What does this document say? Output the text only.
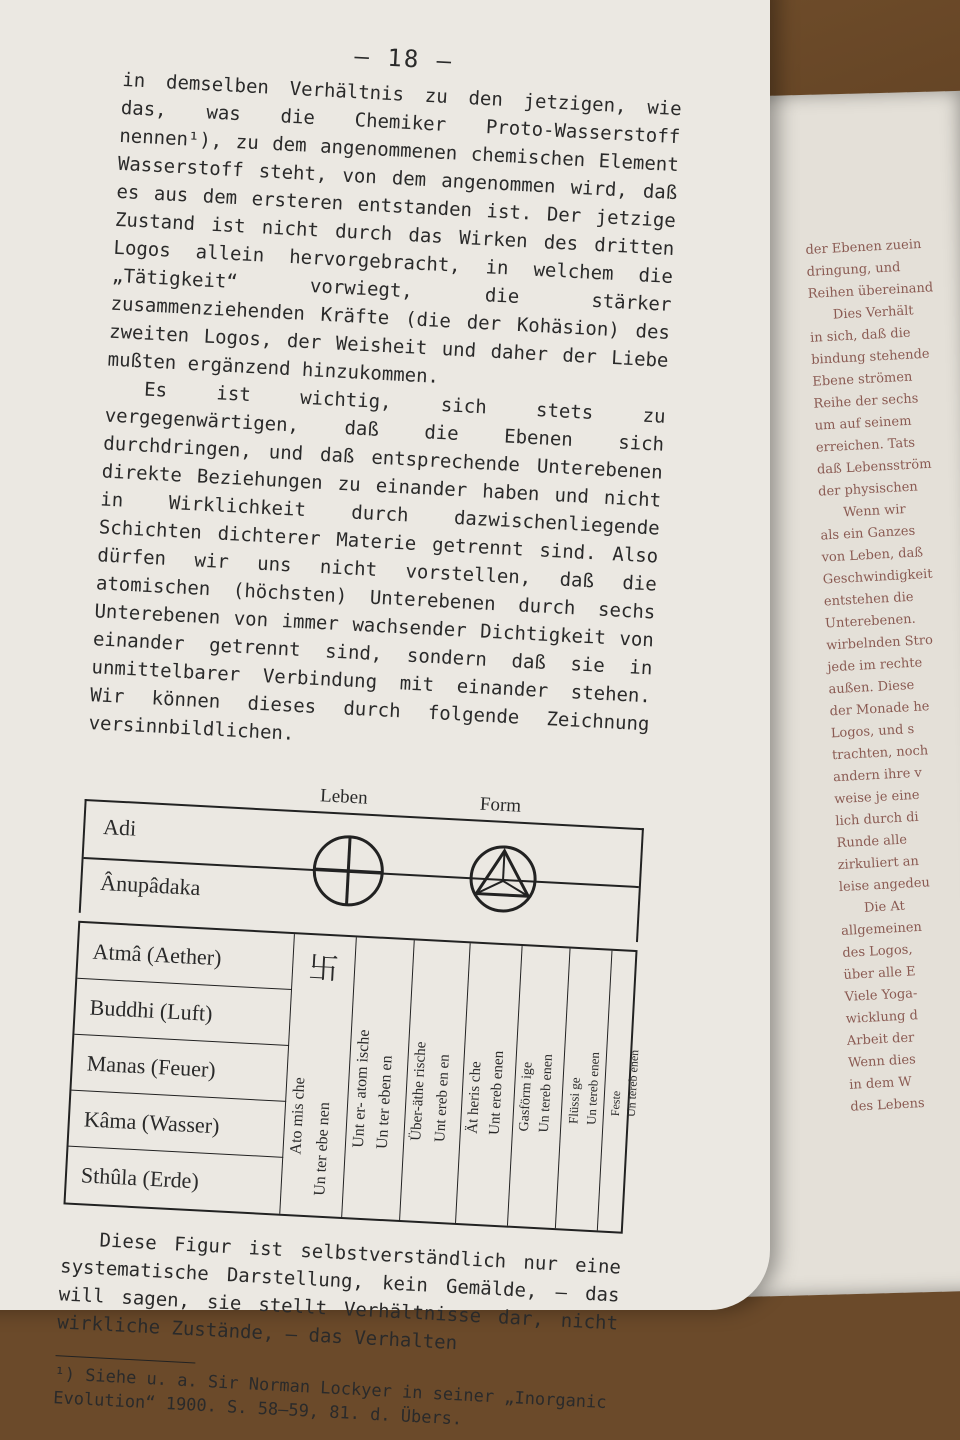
der Ebenen zuein

dringung, und

Reihen übereinand

Dies Verhält

in sich, daß die

bindung stehende

Ebene strömen

Reihe der sechs

um auf seinem

erreichen. Tats

daß Lebensström

der physischen

Wenn wir

als ein Ganzes

von Leben, daß

Geschwindigkeit

entstehen die

Unterebenen.

wirbelnden Stro

jede im rechte

außen. Diese

der Monade he

Logos, und s

trachten, noch

andern ihre v

weise je eine

lich durch di

Runde alle

zirkuliert an

leise angedeu

Die At

allgemeinen

des Logos,

über alle E

Viele Yoga-

wicklung d

Arbeit der

Wenn dies

in dem W

des Lebens

— 18 —

in demselben Verhältnis zu den jetzigen, wie das, was die Chemiker Proto-Wasserstoff nennen¹), zu dem angenommenen chemischen Element Wasserstoff steht, von dem angenommen wird, daß es aus dem ersteren entstanden ist. Der jetzige Zustand ist nicht durch das Wirken des dritten Logos allein hervorgebracht, in welchem die „Tätigkeit“ vorwiegt, die stärker zusammenziehenden Kräfte (die der Kohäsion) des zweiten Logos, der Weisheit und daher der Liebe mußten ergänzend hinzukommen.

Es ist wichtig, sich stets zu vergegenwärtigen, daß die Ebenen sich durchdringen, und daß entsprechende Unterebenen direkte Beziehungen zu einander haben und nicht in Wirklichkeit durch dazwischenliegende Schichten dichterer Materie getrennt sind. Also dürfen wir uns nicht vorstellen, daß die atomischen (höchsten) Unterebenen durch sechs Unterebenen von immer wachsender Dichtigkeit von einander getrennt sind, sondern daß sie in unmittelbarer Verbindung mit einander stehen. Wir können dieses durch folgende Zeichnung versinnbildlichen.

Leben	Form
Adi
Ânupâdaka
Atmâ (Aether)
Buddhi (Luft)
Manas (Feuer)
Kâma (Wasser)
Sthûla (Erde)
卐
Ato mis che Un ter ebe nen
Unt er- atom ische Un ter eben en Über-äthe rische Unt ereb en en Ät heris che Unt ereb enen Gasförm ige Un tereb enen Flüssi ge Un tereb enen Feste Un tereb enen

Diese Figur ist selbstverständlich nur eine systematische Darstellung, kein Gemälde, — das will sagen, sie stellt Verhältnisse dar, nicht wirkliche Zustände, — das Verhalten

¹) Siehe u. a. Sir Norman Lockyer in seiner „Inorganic Evolution“ 1900. S. 58—59, 81. d. Übers.
